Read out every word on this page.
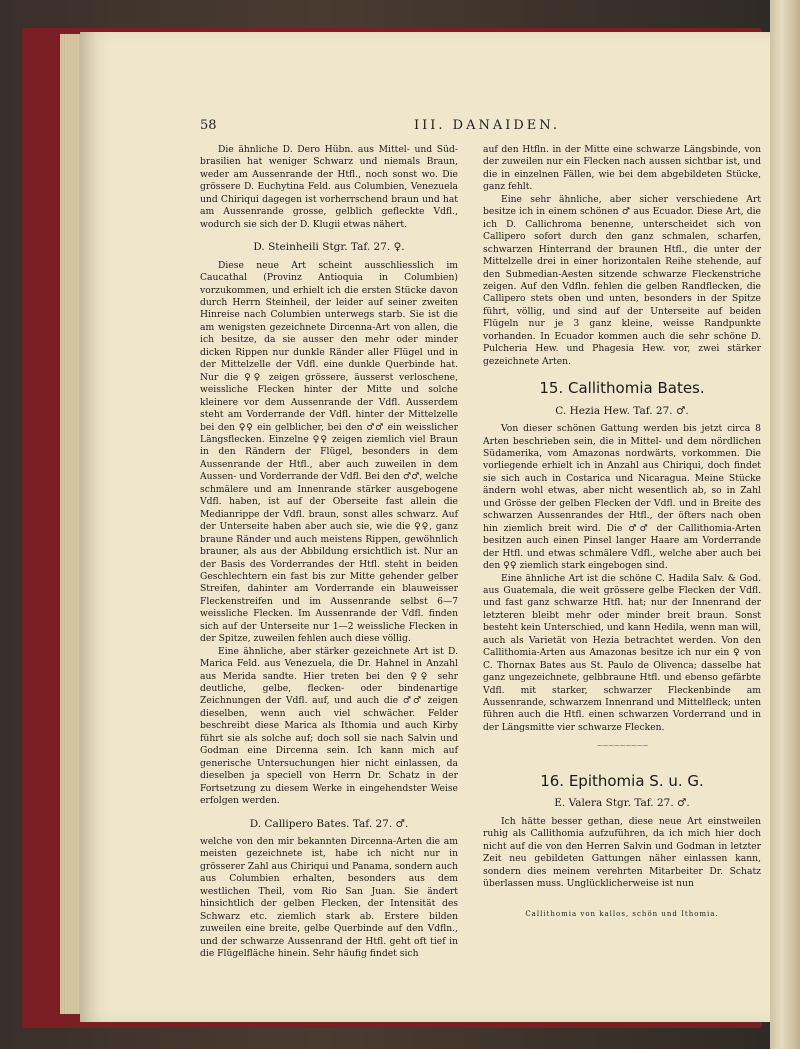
58	III. DANAIDEN.
Die ähnliche D. Dero Hübn. aus Mittel- und Süd-brasilien hat weniger Schwarz und niemals Braun, weder am Aussenrande der Htfl., noch sonst wo. Die grössere D. Euchytina Feld. aus Columbien, Venezuela und Chiriqui dagegen ist vorherrschend braun und hat am Aussenrande grosse, gelblich gefleckte Vdfl., wodurch sie sich der D. Klugii etwas nähert.
D. Steinheili Stgr. Taf. 27. ♀.
Diese neue Art scheint ausschliesslich im Caucathal (Provinz Antioquia in Columbien) vorzukommen, und erhielt ich die ersten Stücke davon durch Herrn Steinheil, der leider auf seiner zweiten Hinreise nach Columbien unterwegs starb. Sie ist die am wenigsten gezeichnete Dircenna-Art von allen, die ich besitze, da sie ausser den mehr oder minder dicken Rippen nur dunkle Ränder aller Flügel und in der Mittelzelle der Vdfl. eine dunkle Querbinde hat. Nur die ♀♀ zeigen grössere, äusserst verloschene, weissliche Flecken hinter der Mitte und solche kleinere vor dem Aussenrande der Vdfl. Ausserdem steht am Vorderrande der Vdfl. hinter der Mittelzelle bei den ♀♀ ein gelblicher, bei den ♂♂ ein weisslicher Längsflecken. Einzelne ♀♀ zeigen ziemlich viel Braun in den Rändern der Flügel, besonders in dem Aussenrande der Htfl., aber auch zuweilen in dem Aussen- und Vorderrande der Vdfl. Bei den ♂♂, welche schmälere und am Innenrande stärker ausgebogene Vdfl. haben, ist auf der Oberseite fast allein die Medianrippe der Vdfl. braun, sonst alles schwarz. Auf der Unterseite haben aber auch sie, wie die ♀♀, ganz braune Ränder und auch meistens Rippen, gewöhnlich brauner, als aus der Abbildung ersichtlich ist. Nur an der Basis des Vorderrandes der Htfl. steht in beiden Geschlechtern ein fast bis zur Mitte gehender gelber Streifen, dahinter am Vorderrande ein blauweisser Fleckenstreifen und im Aussenrande selbst 6—7 weissliche Flecken. Im Aussenrande der Vdfl. finden sich auf der Unterseite nur 1—2 weissliche Flecken in der Spitze, zuweilen fehlen auch diese völlig.
Eine ähnliche, aber stärker gezeichnete Art ist D. Marica Feld. aus Venezuela, die Dr. Hahnel in Anzahl aus Merida sandte. Hier treten bei den ♀♀ sehr deutliche, gelbe, flecken- oder bindenartige Zeichnungen der Vdfl. auf, und auch die ♂♂ zeigen dieselben, wenn auch viel schwächer. Felder beschreibt diese Marica als Ithomia und auch Kirby führt sie als solche auf; doch soll sie nach Salvin und Godman eine Dircenna sein. Ich kann mich auf generische Untersuchungen hier nicht einlassen, da dieselben ja speciell von Herrn Dr. Schatz in der Fortsetzung zu diesem Werke in eingehendster Weise erfolgen werden.
D. Callipero Bates. Taf. 27. ♂.
welche von den mir bekannten Dircenna-Arten die am meisten gezeichnete ist, habe ich nicht nur in grösserer Zahl aus Chiriqui und Panama, sondern auch aus Columbien erhalten, besonders aus dem westlichen Theil, vom Rio San Juan. Sie ändert hinsichtlich der gelben Flecken, der Intensität des Schwarz etc. ziemlich stark ab. Erstere bilden zuweilen eine breite, gelbe Querbinde auf den Vdfln., und der schwarze Aussenrand der Htfl. geht oft tief in die Flügelfläche hinein. Sehr häufig findet sich
auf den Htfln. in der Mitte eine schwarze Längsbinde, von der zuweilen nur ein Flecken nach aussen sichtbar ist, und die in einzelnen Fällen, wie bei dem abgebildeten Stücke, ganz fehlt.
Eine sehr ähnliche, aber sicher verschiedene Art besitze ich in einem schönen ♂ aus Ecuador. Diese Art, die ich D. Callichroma benenne, unterscheidet sich von Callipero sofort durch den ganz schmalen, scharfen, schwarzen Hinterrand der braunen Htfl., die unter der Mittelzelle drei in einer horizontalen Reihe stehende, auf den Submedian-Aesten sitzende schwarze Fleckenstriche zeigen. Auf den Vdfln. fehlen die gelben Randflecken, die Callipero stets oben und unten, besonders in der Spitze führt, völlig, und sind auf der Unterseite auf beiden Flügeln nur je 3 ganz kleine, weisse Randpunkte vorhanden. In Ecuador kommen auch die sehr schöne D. Pulcheria Hew. und Phagesia Hew. vor, zwei stärker gezeichnete Arten.
15. Callithomia Bates.
C. Hezia Hew. Taf. 27. ♂.
Von dieser schönen Gattung werden bis jetzt circa 8 Arten beschrieben sein, die in Mittel- und dem nördlichen Südamerika, vom Amazonas nordwärts, vorkommen. Die vorliegende erhielt ich in Anzahl aus Chiriqui, doch findet sie sich auch in Costarica und Nicaragua. Meine Stücke ändern wohl etwas, aber nicht wesentlich ab, so in Zahl und Grösse der gelben Flecken der Vdfl. und in Breite des schwarzen Aussenrandes der Htfl., der öfters nach oben hin ziemlich breit wird. Die ♂♂ der Callithomia-Arten besitzen auch einen Pinsel langer Haare am Vorderrande der Htfl. und etwas schmälere Vdfl., welche aber auch bei den ♀♀ ziemlich stark eingebogen sind.
Eine ähnliche Art ist die schöne C. Hadila Salv. & God. aus Guatemala, die weit grössere gelbe Flecken der Vdfl. und fast ganz schwarze Htfl. hat; nur der Innenrand der letzteren bleibt mehr oder minder breit braun. Sonst besteht kein Unterschied, und kann Hedila, wenn man will, auch als Varietät von Hezia betrachtet werden. Von den Callithomia-Arten aus Amazonas besitze ich nur ein ♀ von C. Thornax Bates aus St. Paulo de Olivenca; dasselbe hat ganz ungezeichnete, gelbbraune Htfl. und ebenso gefärbte Vdfl. mit starker, schwarzer Fleckenbinde am Aussenrande, schwarzem Innenrand und Mittelfleck; unten führen auch die Htfl. einen schwarzen Vorderrand und in der Längsmitte vier schwarze Flecken.
~~~~~~~~~
16. Epithomia S. u. G.
E. Valera Stgr. Taf. 27. ♂.
Ich hätte besser gethan, diese neue Art einstweilen ruhig als Callithomia aufzuführen, da ich mich hier doch nicht auf die von den Herren Salvin und Godman in letzter Zeit neu gebildeten Gattungen näher einlassen kann, sondern dies meinem verehrten Mitarbeiter Dr. Schatz überlassen muss. Unglücklicherweise ist nun
Callithomia von kallos, schön und Ithomia.
